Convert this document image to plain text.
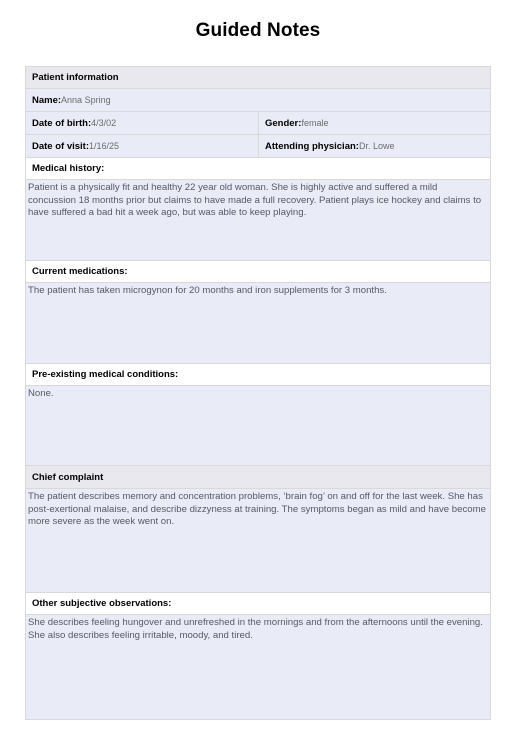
Guided Notes
Patient information
Name: Anna Spring
Date of birth: 4/3/02	Gender: female
Date of visit: 1/16/25	Attending physician: Dr. Lowe
Medical history:
Patient is a physically fit and healthy 22 year old woman. She is highly active and suffered a mild concussion 18 months prior but claims to have made a full recovery. Patient plays ice hockey and claims to have suffered a bad hit a week ago, but was able to keep playing.
Current medications:
The patient has taken microgynon for 20 months and iron supplements for 3 months.
Pre-existing medical conditions:
None.
Chief complaint
The patient describes memory and concentration problems, ‘brain fog’ on and off for the last week. She has post-exertional malaise, and describe dizzyness at training. The symptoms began as mild and have become more severe as the week went on.
Other subjective observations:
She describes feeling hungover and unrefreshed in the mornings and from the afternoons until the evening. She also describes feeling irritable, moody, and tired.
